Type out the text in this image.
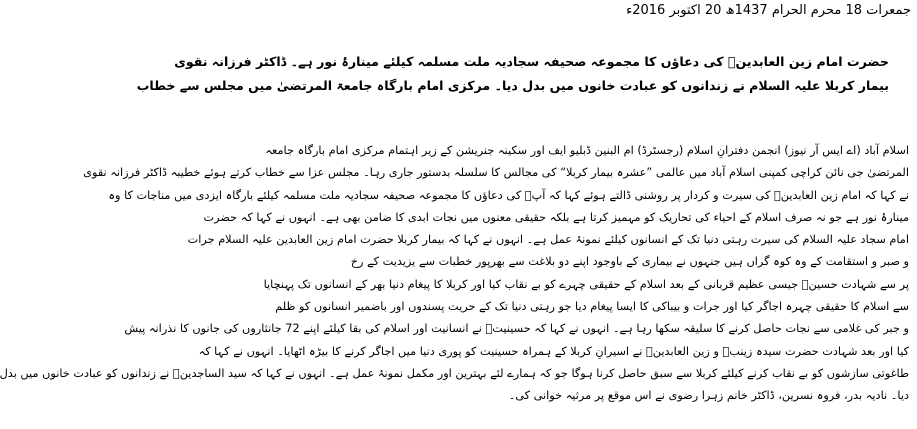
جمعرات 18 محرم الحرام 1437ھ 20 اکتوبر 2016ء
حضرت امام زین العابدینؑ کی دعاؤں کا مجموعہ صحیفہ سجادیہ ملت مسلمہ کیلئے مینارۂ نور ہے۔ ڈاکٹر فرزانہ نقوی
بیمار کربلا علیہ السلام نے زندانوں کو عبادت خانوں میں بدل دیا۔ مرکزی امام بارگاہ جامعۃ المرتضیٰ میں مجلس سے خطاب
اسلام آباد (اے ایس آر نیوز) انجمن دفترانِ اسلام (رجسٹرڈ) ام البنین ڈبلیو ایف اور سکینہ جنریشن کے زیر اہتمام مرکزی امام بارگاہ جامعہ
المرتضیٰ جی نائن کراچی کمپنی اسلام آباد میں عالمی ”عشرہ بیمار کربلا“ کی مجالس کا سلسلہ بدستور جاری رہا۔ مجلس عزا سے خطاب کرتے ہوئے خطیبہ ڈاکٹر فرزانہ نقوی
نے کہا کہ امام زین العابدینؑ کی سیرت و کردار پر روشنی ڈالتے ہوئے کہا کہ آپؑ کی دعاؤں کا مجموعہ صحیفہ سجادیہ ملت مسلمہ کیلئے بارگاہ ایزدی میں مناجات کا وہ
مینارۂ نور ہے جو نہ صرف اسلام کے احیاء کی تحاریک کو مہمیز کرتا ہے بلکہ حقیقی معنوں میں نجات ابدی کا ضامن بھی ہے۔ انہوں نے کہا کہ حضرت
امام سجاد علیہ السلام کی سیرت رہتی دنیا تک کے انسانوں کیلئے نمونۂ عمل ہے۔ انہوں نے کہا کہ بیمار کربلا حضرت امام زین العابدین علیہ السلام جرات
و صبر و استقامت کے وہ کوہ گراں ہیں جنہوں نے بیماری کے باوجود اپنے دو بلاغت سے بھرپور خطبات سے یزیدیت کے رخ
پر سے شہادت حسینؑ جیسی عظیم قربانی کے بعد اسلام کے حقیقی چہرے کو بے نقاب کیا اور کربلا کا پیغام دنیا بھر کے انسانوں تک پہنچایا
سے اسلام کا حقیقی چہرہ اجاگر کیا اور جرات و بیباکی کا ایسا پیغام دیا جو رہتی دنیا تک کے حریت پسندوں اور باضمیر انسانوں کو ظلم
و جبر کی غلامی سے نجات حاصل کرنے کا سلیقہ سکھا رہا ہے۔ انہوں نے کہا کہ حسینیتؑ نے انسانیت اور اسلام کی بقا کیلئے اپنے 72 جانثاروں کی جانوں کا نذرانہ پیش
کیا اور بعد شہادت حضرت سیدہ زینبؑ و زین العابدینؑ نے اسیرانِ کربلا کے ہمراہ حسینیت کو پوری دنیا میں اجاگر کرنے کا بیڑہ اٹھایا۔ انہوں نے کہا کہ
طاغوتی سازشوں کو بے نقاب کرنے کیلئے کربلا سے سبق حاصل کرنا ہوگا جو کہ ہمارے لئے بہترین اور مکمل نمونۂ عمل ہے۔ انہوں نے کہا کہ سید الساجدینؑ نے زندانوں کو عبادت خانوں میں بدل
دیا۔ نادیہ بدر، فروہ نسرین، ڈاکٹر خانم زہرا رضوی نے اس موقع پر مرثیہ خوانی کی۔
